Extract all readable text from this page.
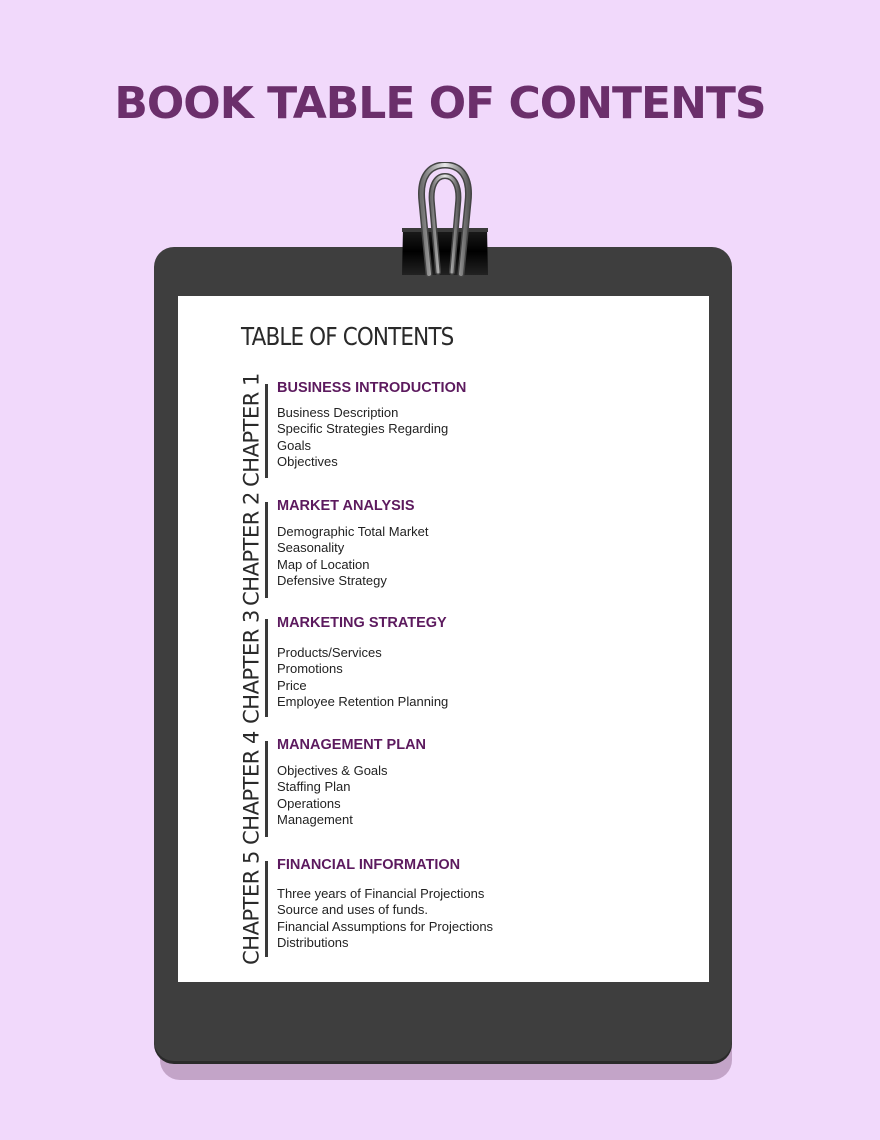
BOOK TABLE OF CONTENTS
TABLE OF CONTENTS
CHAPTER 1 BUSINESS INTRODUCTION
Business Description
Specific Strategies Regarding
Goals
Objectives
CHAPTER 2 MARKET ANALYSIS
Demographic Total Market
Seasonality
Map of Location
Defensive Strategy
CHAPTER 3 MARKETING STRATEGY
Products/Services
Promotions
Price
Employee Retention Planning
CHAPTER 4 MANAGEMENT PLAN
Objectives & Goals
Staffing Plan
Operations
Management
CHAPTER 5 FINANCIAL INFORMATION
Three years of Financial Projections
Source and uses of funds.
Financial Assumptions for Projections
Distributions
